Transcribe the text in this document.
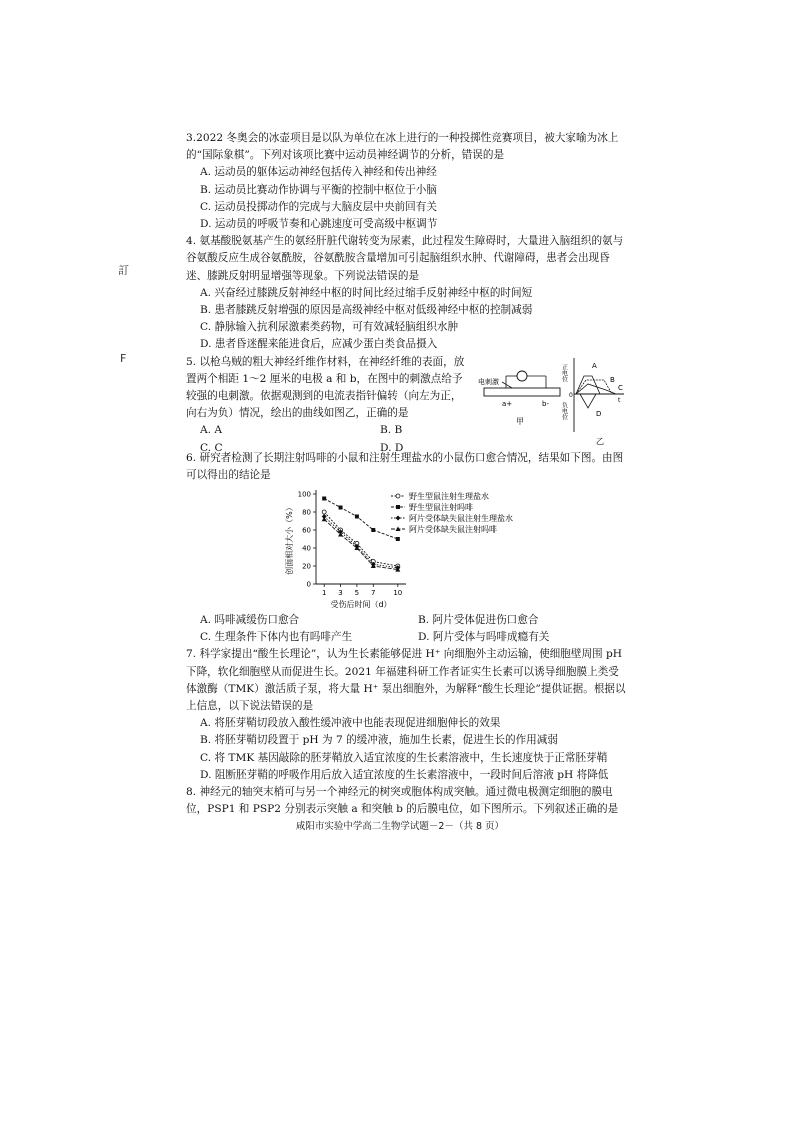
訂
F
3.2022 冬奥会的冰壶项目是以队为单位在冰上进行的一种投掷性竞赛项目，被大家喻为冰上的“国际象棋”。下列对该项比赛中运动员神经调节的分析，错误的是
A. 运动员的躯体运动神经包括传入神经和传出神经
B. 运动员比赛动作协调与平衡的控制中枢位于小脑
C. 运动员投掷动作的完成与大脑皮层中央前回有关
D. 运动员的呼吸节奏和心跳速度可受高级中枢调节
4. 氨基酸脱氨基产生的氨经肝脏代谢转变为尿素，此过程发生障碍时，大量进入脑组织的氨与谷氨酸反应生成谷氨酰胺，谷氨酰胺含量增加可引起脑组织水肿、代谢障碍，患者会出现昏迷、膝跳反射明显增强等现象。下列说法错误的是
A. 兴奋经过膝跳反射神经中枢的时间比经过缩手反射神经中枢的时间短
B. 患者膝跳反射增强的原因是高级神经中枢对低级神经中枢的控制减弱
C. 静脉输入抗利尿激素类药物，可有效减轻脑组织水肿
D. 患者昏迷醒来能进食后，应减少蛋白类食品摄入
5. 以枪乌贼的粗大神经纤维作材料，在神经纤维的表面，放置两个相距 1～2 厘米的电极 a 和 b，在图中的刺激点给予较强的电刺激。依据观测到的电流表指针偏转（向左为正，向右为负）情况，绘出的曲线如图乙，正确的是
A. A	B. B
C. C	D. D
电刺激
a+	b-
甲
正电位
负电位
0
t
A
B
C
D
乙
6. 研究者检测了长期注射吗啡的小鼠和注射生理盐水的小鼠伤口愈合情况，结果如下图。由图可以得出的结论是
0
20
40
60
80
100
1 3 5 7	10
受伤后时间（d）
创面相对大小（%）
野生型鼠注射生理盐水
野生型鼠注射吗啡
阿片受体缺失鼠注射生理盐水
阿片受体缺失鼠注射吗啡
A. 吗啡减缓伤口愈合	B. 阿片受体促进伤口愈合
C. 生理条件下体内也有吗啡产生	D. 阿片受体与吗啡成瘾有关
7. 科学家提出“酸生长理论”，认为生长素能够促进 H⁺ 向细胞外主动运输，使细胞壁周围 pH 下降，软化细胞壁从而促进生长。2021 年福建科研工作者证实生长素可以诱导细胞膜上类受体激酶（TMK）激活质子泵，将大量 H⁺ 泵出细胞外，为解释“酸生长理论”提供证据。根据以上信息，以下说法错误的是
A. 将胚芽鞘切段放入酸性缓冲液中也能表现促进细胞伸长的效果
B. 将胚芽鞘切段置于 pH 为 7 的缓冲液，施加生长素，促进生长的作用减弱
C. 将 TMK 基因敲除的胚芽鞘放入适宜浓度的生长素溶液中，生长速度快于正常胚芽鞘
D. 阻断胚芽鞘的呼吸作用后放入适宜浓度的生长素溶液中，一段时间后溶液 pH 将降低
8. 神经元的轴突末梢可与另一个神经元的树突或胞体构成突触。通过微电极测定细胞的膜电位，PSP1 和 PSP2 分别表示突触 a 和突触 b 的后膜电位，如下图所示。下列叙述正确的是
咸阳市实验中学高二生物学试题－2－（共 8 页）
